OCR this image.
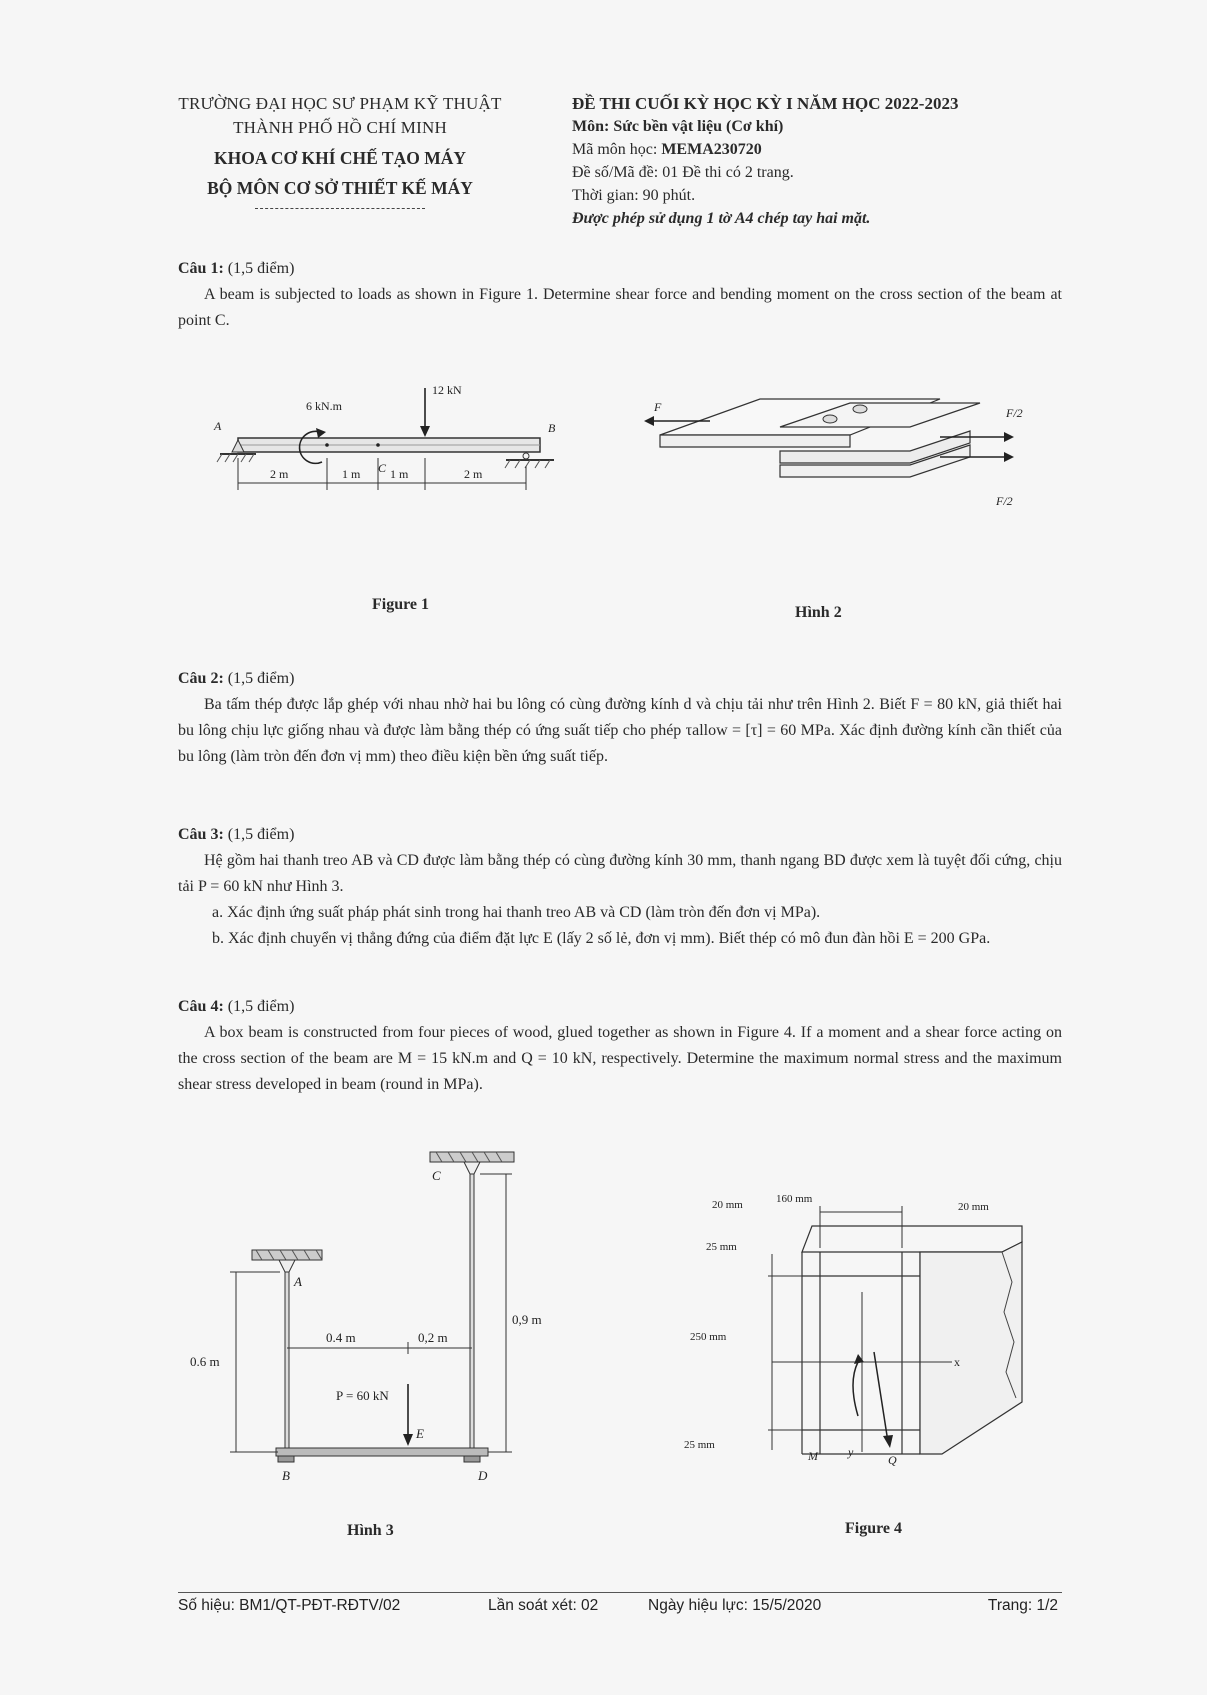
TRƯỜNG ĐẠI HỌC SƯ PHẠM KỸ THUẬT
THÀNH PHỐ HỒ CHÍ MINH
KHOA CƠ KHÍ CHẾ TẠO MÁY
BỘ MÔN CƠ SỞ THIẾT KẾ MÁY
ĐỀ THI CUỐI KỲ HỌC KỲ I NĂM HỌC 2022-2023
Môn: Sức bền vật liệu (Cơ khí)
Mã môn học: MEMA230720
Đề số/Mã đề: 01 Đề thi có 2 trang.
Thời gian: 90 phút.
Được phép sử dụng 1 tờ A4 chép tay hai mặt.
Câu 1: (1,5 điểm)

A beam is subjected to loads as shown in Figure 1. Determine shear force and bending moment on the cross section of the beam at point C.

A	B
C
6 kN.m
12 kN
2 m	1 m 1 m	2 m
Figure 1
F	F/2
F/2
Hình 2
Câu 2: (1,5 điểm)

Ba tấm thép được lắp ghép với nhau nhờ hai bu lông có cùng đường kính d và chịu tải như trên Hình 2. Biết F = 80 kN, giả thiết hai bu lông chịu lực giống nhau và được làm bằng thép có ứng suất tiếp cho phép τallow = [τ] = 60 MPa. Xác định đường kính cần thiết của bu lông (làm tròn đến đơn vị mm) theo điều kiện bền ứng suất tiếp.

Câu 3: (1,5 điểm)

Hệ gồm hai thanh treo AB và CD được làm bằng thép có cùng đường kính 30 mm, thanh ngang BD được xem là tuyệt đối cứng, chịu tải P = 60 kN như Hình 3.

a. Xác định ứng suất pháp phát sinh trong hai thanh treo AB và CD (làm tròn đến đơn vị MPa).

b. Xác định chuyển vị thẳng đứng của điểm đặt lực E (lấy 2 số lẻ, đơn vị mm). Biết thép có mô đun đàn hồi E = 200 GPa.

Câu 4: (1,5 điểm)

A box beam is constructed from four pieces of wood, glued together as shown in Figure 4. If a moment and a shear force acting on the cross section of the beam are M = 15 kN.m and Q = 10 kN, respectively. Determine the maximum normal stress and the maximum shear stress developed in beam (round in MPa).

C
A
B	D
P = 60 kN
E
0.6 m
0,9 m
0.4 m	0,2 m
Hình 3
20 mm	160 mm
20 mm
25 mm
250 mm
25 mm
x
y
M	Q
Figure 4
Số hiệu: BM1/QT-PĐT-RĐTV/02	Lần soát xét: 02	Ngày hiệu lực: 15/5/2020	Trang: 1/2
